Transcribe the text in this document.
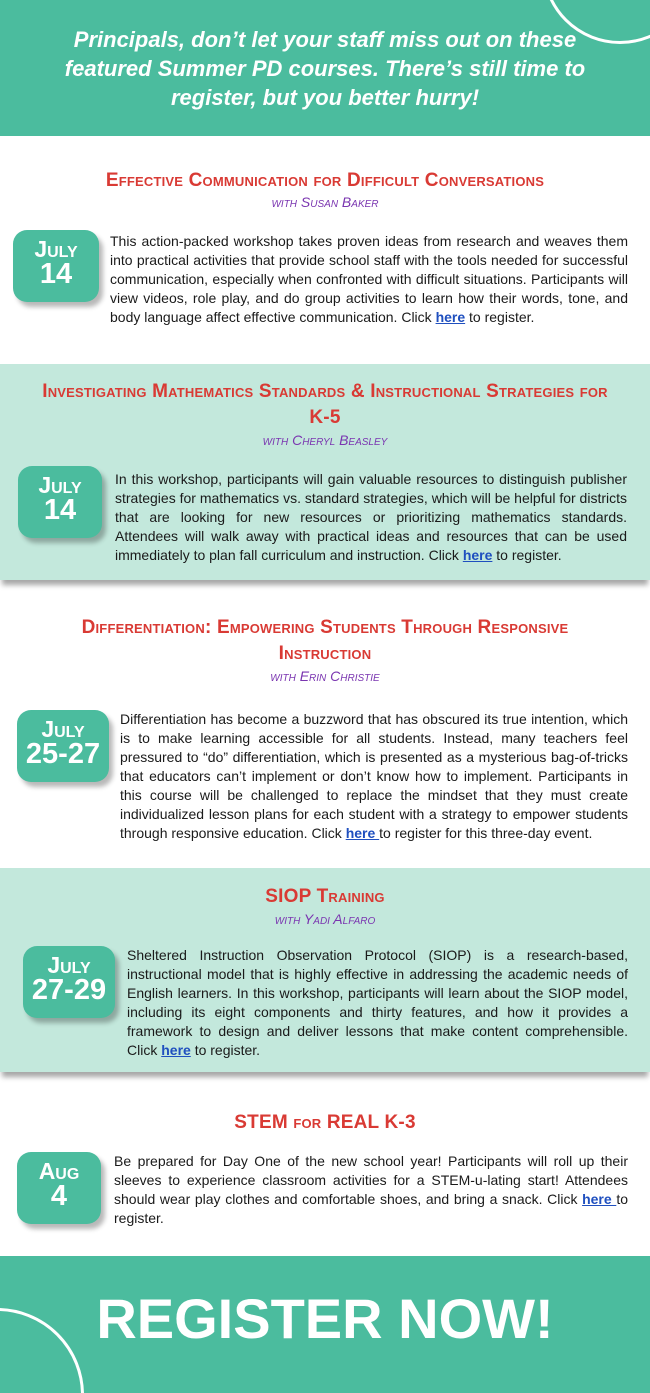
Principals, don’t let your staff miss out on these featured Summer PD courses. There’s still time to register, but you better hurry!
Effective Communication for Difficult Conversations
with Susan Baker
July
14
This action-packed workshop takes proven ideas from research and weaves them into practical activities that provide school staff with the tools needed for successful communication, especially when confronted with difficult situations. Participants will view videos, role play, and do group activities to learn how their words, tone, and body language affect effective communication. Click here to register.
Investigating Mathematics Standards & Instructional Strategies for K-5
with Cheryl Beasley
July
14
In this workshop, participants will gain valuable resources to distinguish publisher strategies for mathematics vs. standard strategies, which will be helpful for districts that are looking for new resources or prioritizing mathematics standards. Attendees will walk away with practical ideas and resources that can be used immediately to plan fall curriculum and instruction. Click here to register.
Differentiation: Empowering Students Through Responsive Instruction
with Erin Christie
July
25-27
Differentiation has become a buzzword that has obscured its true intention, which is to make learning accessible for all students. Instead, many teachers feel pressured to “do” differentiation, which is presented as a mysterious bag-of-tricks that educators can’t implement or don’t know how to implement. Participants in this course will be challenged to replace the mindset that they must create individualized lesson plans for each student with a strategy to empower students through responsive education. Click here to register for this three-day event.
SIOP Training
with Yadi Alfaro
July
27-29
Sheltered Instruction Observation Protocol (SIOP) is a research-based, instructional model that is highly effective in addressing the academic needs of English learners. In this workshop, participants will learn about the SIOP model, including its eight components and thirty features, and how it provides a framework to design and deliver lessons that make content comprehensible. Click here to register.
STEM for REAL K-3
Aug
4
Be prepared for Day One of the new school year! Participants will roll up their sleeves to experience classroom activities for a STEM-u-lating start! Attendees should wear play clothes and comfortable shoes, and bring a snack. Click here to register.
REGISTER NOW!
